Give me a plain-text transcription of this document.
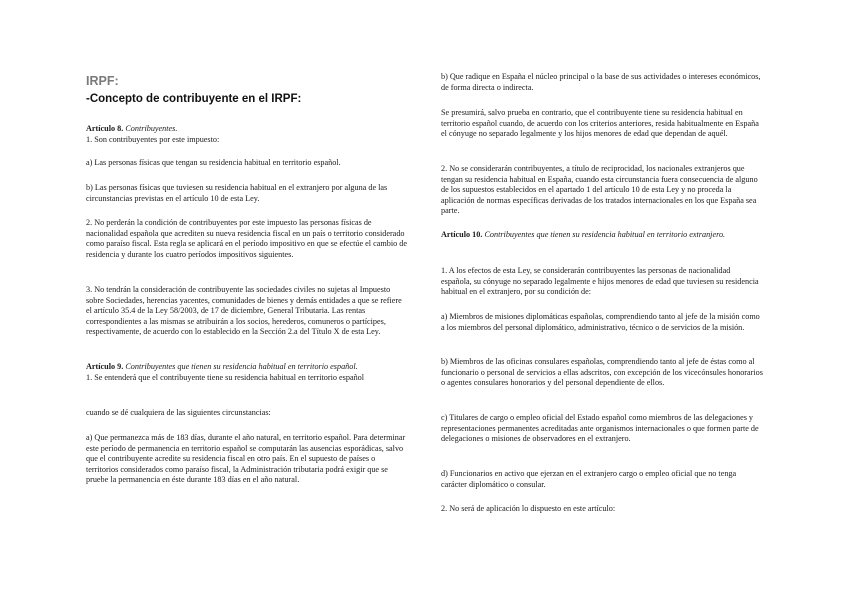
IRPF:
-Concepto de contribuyente en el IRPF:
Artículo 8. Contribuyentes.
1. Son contribuyentes por este impuesto:

a) Las personas físicas que tengan su residencia habitual en territorio español.

b) Las personas físicas que tuviesen su residencia habitual en el extranjero por alguna de las circunstancias previstas en el artículo 10 de esta Ley.

2. No perderán la condición de contribuyentes por este impuesto las personas físicas de nacionalidad española que acrediten su nueva residencia fiscal en un país o territorio considerado como paraíso fiscal. Esta regla se aplicará en el período impositivo en que se efectúe el cambio de residencia y durante los cuatro períodos impositivos siguientes.

3. No tendrán la consideración de contribuyente las sociedades civiles no sujetas al Impuesto sobre Sociedades, herencias yacentes, comunidades de bienes y demás entidades a que se refiere el artículo 35.4 de la Ley 58/2003, de 17 de diciembre, General Tributaria. Las rentas correspondientes a las mismas se atribuirán a los socios, herederos, comuneros o partícipes, respectivamente, de acuerdo con lo establecido en la Sección 2.a del Título X de esta Ley.

Artículo 9. Contribuyentes que tienen su residencia habitual en territorio español.
1. Se entenderá que el contribuyente tiene su residencia habitual en territorio español

cuando se dé cualquiera de las siguientes circunstancias:

a) Que permanezca más de 183 días, durante el año natural, en territorio español. Para determinar este período de permanencia en territorio español se computarán las ausencias esporádicas, salvo que el contribuyente acredite su residencia fiscal en otro país. En el supuesto de países o territorios considerados como paraíso fiscal, la Administración tributaria podrá exigir que se pruebe la permanencia en éste durante 183 días en el año natural.

b) Que radique en España el núcleo principal o la base de sus actividades o intereses económicos, de forma directa o indirecta.

Se presumirá, salvo prueba en contrario, que el contribuyente tiene su residencia habitual en territorio español cuando, de acuerdo con los criterios anteriores, resida habitualmente en España el cónyuge no separado legalmente y los hijos menores de edad que dependan de aquél.

2. No se considerarán contribuyentes, a título de reciprocidad, los nacionales extranjeros que tengan su residencia habitual en España, cuando esta circunstancia fuera consecuencia de alguno de los supuestos establecidos en el apartado 1 del artículo 10 de esta Ley y no proceda la aplicación de normas específicas derivadas de los tratados internacionales en los que España sea parte.

Artículo 10. Contribuyentes que tienen su residencia habitual en territorio extranjero.

1. A los efectos de esta Ley, se considerarán contribuyentes las personas de nacionalidad española, su cónyuge no separado legalmente e hijos menores de edad que tuviesen su residencia habitual en el extranjero, por su condición de:

a) Miembros de misiones diplomáticas españolas, comprendiendo tanto al jefe de la misión como a los miembros del personal diplomático, administrativo, técnico o de servicios de la misión.

b) Miembros de las oficinas consulares españolas, comprendiendo tanto al jefe de éstas como al funcionario o personal de servicios a ellas adscritos, con excepción de los vicecónsules honorarios o agentes consulares honorarios y del personal dependiente de ellos.

c) Titulares de cargo o empleo oficial del Estado español como miembros de las delegaciones y representaciones permanentes acreditadas ante organismos internacionales o que formen parte de delegaciones o misiones de observadores en el extranjero.

d) Funcionarios en activo que ejerzan en el extranjero cargo o empleo oficial que no tenga carácter diplomático o consular.

2. No será de aplicación lo dispuesto en este artículo:
